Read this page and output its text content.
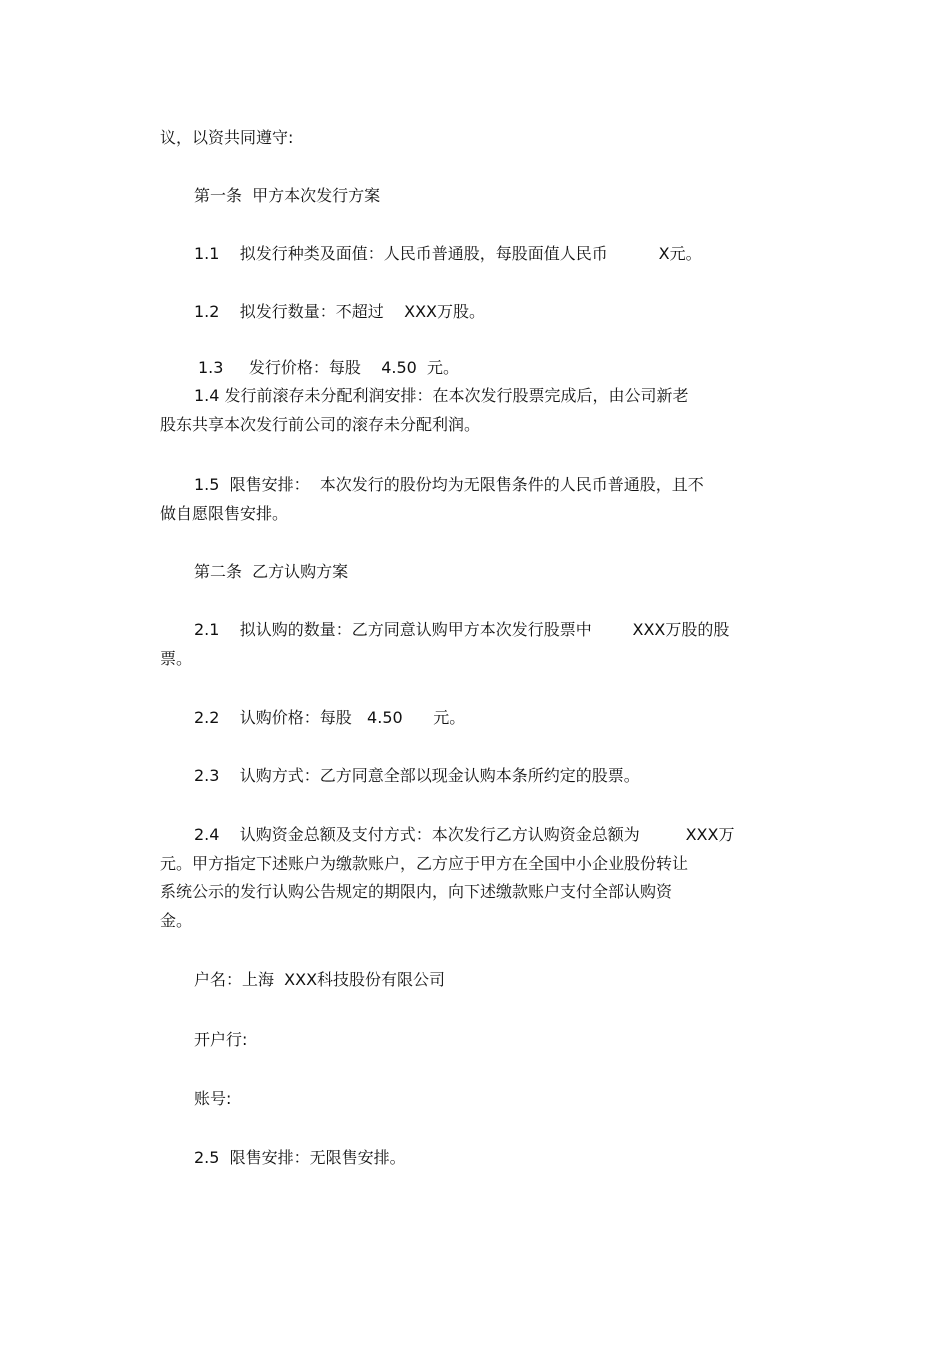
议，以资共同遵守:
第一条  甲方本次发行方案
1.1    拟发行种类及面值：人民币普通股，每股面值人民币          X元。
1.2    拟发行数量：不超过    XXX万股。
1.3     发行价格：每股    4.50  元。
1.4 发行前滚存未分配利润安排：在本次发行股票完成后，由公司新老
股东共享本次发行前公司的滚存未分配利润。
1.5  限售安排：  本次发行的股份均为无限售条件的人民币普通股，且不
做自愿限售安排。
第二条  乙方认购方案
2.1    拟认购的数量：乙方同意认购甲方本次发行股票中        XXX万股的股
票。
2.2    认购价格：每股   4.50      元。
2.3    认购方式：乙方同意全部以现金认购本条所约定的股票。
2.4    认购资金总额及支付方式：本次发行乙方认购资金总额为         XXX万
元。甲方指定下述账户为缴款账户，乙方应于甲方在全国中小企业股份转让
系统公示的发行认购公告规定的期限内，向下述缴款账户支付全部认购资
金。
户名：上海  XXX科技股份有限公司
开户行:
账号:
2.5  限售安排：无限售安排。
